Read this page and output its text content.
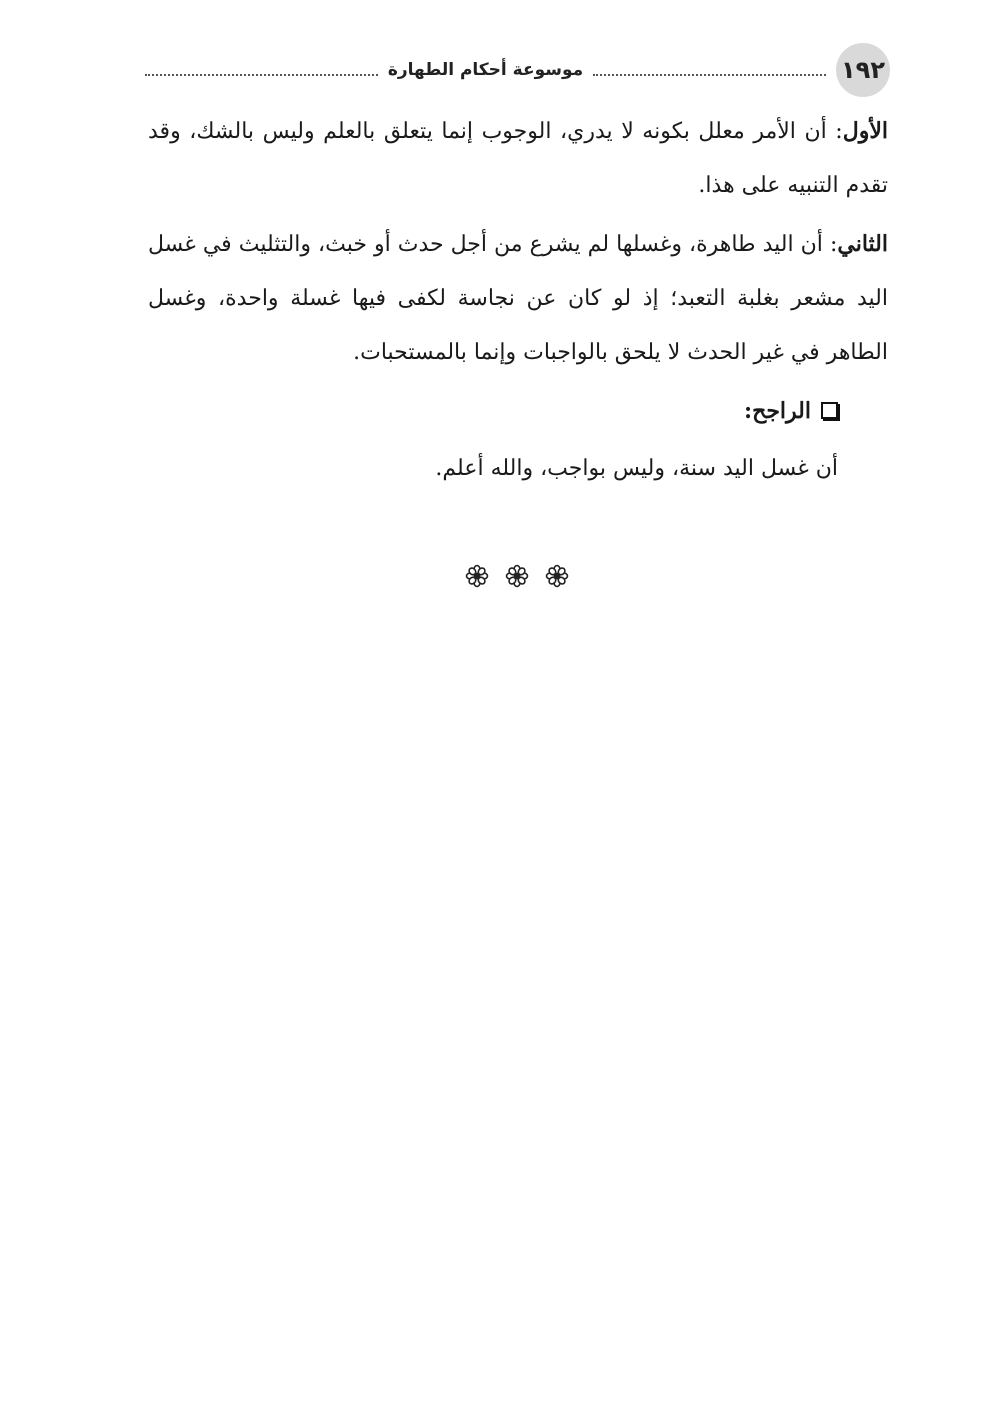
١٩٢
موسوعة أحكام الطهارة

الأول: أن الأمر معلل بكونه لا يدري، الوجوب إنما يتعلق بالعلم وليس بالشك، وقد تقدم التنبيه على هذا.

الثاني: أن اليد طاهرة، وغسلها لم يشرع من أجل حدث أو خبث، والتثليث في غسل اليد مشعر بغلبة التعبد؛ إذ لو كان عن نجاسة لكفى فيها غسلة واحدة، وغسل الطاهر في غير الحدث لا يلحق بالواجبات وإنما بالمستحبات.

الراجح:

أن غسل اليد سنة، وليس بواجب، والله أعلم.
